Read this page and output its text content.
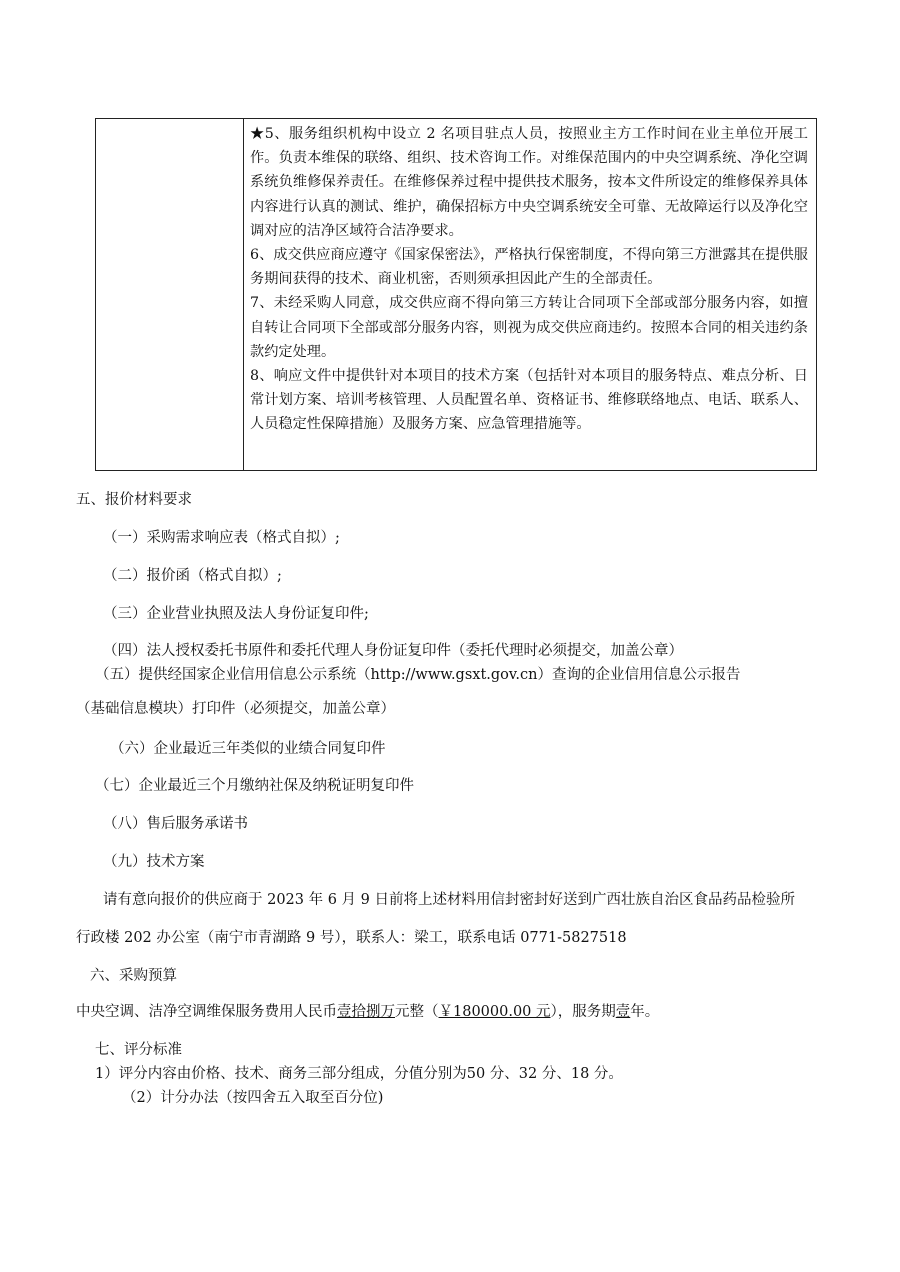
★5、服务组织机构中设立 2 名项目驻点人员，按照业主方工作时间在业主单位开展工作。负责本维保的联络、组织、技术咨询工作。对维保范围内的中央空调系统、净化空调系统负维修保养责任。在维修保养过程中提供技术服务，按本文件所设定的维修保养具体内容进行认真的测试、维护，确保招标方中央空调系统安全可靠、无故障运行以及净化空调对应的洁净区域符合洁净要求。

6、成交供应商应遵守《国家保密法》，严格执行保密制度，不得向第三方泄露其在提供服务期间获得的技术、商业机密，否则须承担因此产生的全部责任。

7、未经采购人同意，成交供应商不得向第三方转让合同项下全部或部分服务内容，如擅自转让合同项下全部或部分服务内容，则视为成交供应商违约。按照本合同的相关违约条款约定处理。

8、响应文件中提供针对本项目的技术方案（包括针对本项目的服务特点、难点分析、日常计划方案、培训考核管理、人员配置名单、资格证书、维修联络地点、电话、联系人、人员稳定性保障措施）及服务方案、应急管理措施等。

五、报价材料要求
（一）采购需求响应表（格式自拟）;
（二）报价函（格式自拟）;
（三）企业营业执照及法人身份证复印件;
（四）法人授权委托书原件和委托代理人身份证复印件（委托代理时必须提交，加盖公章）
（五）提供经国家企业信用信息公示系统（http://www.gsxt.gov.cn）查询的企业信用信息公示报告
（基础信息模块）打印件（必须提交，加盖公章）
（六）企业最近三年类似的业绩合同复印件
（七）企业最近三个月缴纳社保及纳税证明复印件
（八）售后服务承诺书
（九）技术方案
请有意向报价的供应商于 2023 年 6 月 9 日前将上述材料用信封密封好送到广西壮族自治区食品药品检验所
行政楼 202 办公室（南宁市青湖路 9 号），联系人：梁工，联系电话 0771-5827518
六、采购预算
中央空调、洁净空调维保服务费用人民币壹拾捌万元整（￥180000.00 元），服务期壹年。
七、评分标准
1）评分内容由价格、技术、商务三部分组成，分值分别为50 分、32 分、18 分。
（2）计分办法（按四舍五入取至百分位)
